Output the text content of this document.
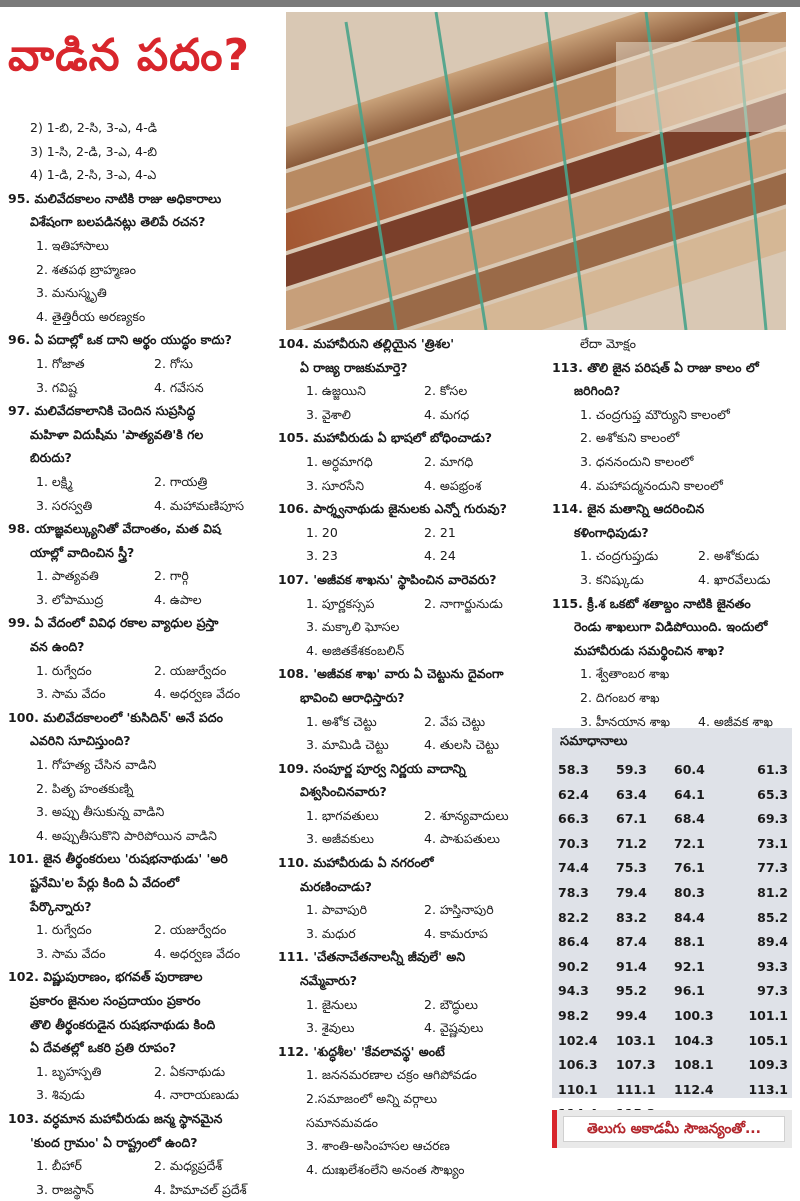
వాడిన పదం?
2) 1-బి, 2-సి, 3-ఎ, 4-డి
3) 1-సి, 2-డి, 3-ఎ, 4-బి
4) 1-డి, 2-సి, 3-ఎ, 4-ఎ
95. మలివేదకాలం నాటికి రాజు అధికారాలు
విశేషంగా బలపడినట్లు తెలిపే రచన?
1. ఇతిహాసాలు
2. శతపథ బ్రాహ్మణం
3. మనుస్మృతి
4. తైత్తిరీయ అరణ్యకం
96. ఏ పదాల్లో ఒక దాని అర్థం యుద్ధం కాదు?
1. గోజాత	2. గోసు
3. గవిష్ట	4. గవేసన
97. మలివేదకాలానికి చెందిన సుప్రసిద్ధ
మహిళా విదుషీమ 'పాత్యవతి'కి గల
బిరుదు?
1. లక్ష్మి	2. గాయత్రి
3. సరస్వతి	4. మహామణిపూస
98. యాజ్ఞవల్క్యునితో వేదాంతం, మత విష
యాల్లో వాదించిన స్త్రీ?
1. పాత్యవతి	2. గార్గి
3. లోపాముద్ర	4. ఉపాల
99. ఏ వేదంలో వివిధ రకాల వ్యాధుల ప్రస్తా
వన ఉంది?
1. రుగ్వేదం	2. యజుర్వేదం
3. సామ వేదం	4. అధర్వణ వేదం
100. మలివేదకాలంలో 'కుసిదిన్' అనే పదం
ఎవరిని సూచిస్తుంది?
1. గోహత్య చేసిన వాడిని
2. పితృ హంతకుణ్ని
3. అప్పు తీసుకున్న వాడిని
4. అప్పుతీసుకొని పారిపోయిన వాడిని
101. జైన తీర్థంకరులు 'రుషభనాథుడు' 'అరి
ష్టనేమి'ల పేర్లు కింది ఏ వేదంలో
పేర్కొన్నారు?
1. రుగ్వేదం	2. యజుర్వేదం
3. సామ వేదం	4. అధర్వణ వేదం
102. విష్ణుపురాణం, భగవత్ పురాణాల
ప్రకారం జైనుల సంప్రదాయం ప్రకారం
తొలి తీర్థంకరుడైన రుషభనాథుడు కింది
ఏ దేవతల్లో ఒకరి ప్రతి రూపం?
1. బృహస్పతి	2. ఏకనాథుడు
3. శివుడు	4. నారాయణుడు
103. వర్ధమాన మహావీరుడు జన్మ స్థానమైన
'కుంద గ్రామం' ఏ రాష్ట్రంలో ఉంది?
1. బీహార్	2. మధ్యప్రదేశ్
3. రాజస్థాన్	4. హిమాచల్ ప్రదేశ్
104. మహావీరుని తల్లియైన 'త్రిశల'
ఏ రాజ్య రాజకుమార్తె?
1. ఉజ్జయిని	2. కోసల
3. వైశాలి	4. మగధ
105. మహావీరుడు ఏ భాషలో బోధించాడు?
1. అర్ధమాగధి	2. మాగధి
3. సూరసేని	4. అపభ్రంశ
106. పార్శ్వనాథుడు జైనులకు ఎన్నో గురువు?
1. 20	2. 21
3. 23	4. 24
107. 'అజీవక శాఖను' స్థాపించిన వారెవరు?
1. పూర్ణకస్సప	2. నాగార్జునుడు
3. మక్కాలి ఘోసల
4. అజితకేశకంబలిన్
108. 'అజీవక శాఖ' వారు ఏ చెట్టును దైవంగా
భావించి ఆరాధిస్తారు?
1. అశోక చెట్టు	2. వేప చెట్టు
3. మామిడి చెట్టు	4. తులసి చెట్టు
109. సంపూర్ణ పూర్వ నిర్ణయ వాదాన్ని
విశ్వసించినవారు?
1. భాగవతులు	2. శూన్యవాదులు
3. అజీవకులు	4. పాశుపతులు
110. మహావీరుడు ఏ నగరంలో
మరణించాడు?
1. పావాపురి	2. హస్తినాపురి
3. మధుర	4. కామరూప
111. 'చేతనాచేతనాలన్నీ జీవులే' అని
నమ్మేవారు?
1. జైనులు	2. బౌద్ధులు
3. శైవులు	4. వైష్ణవులు
112. 'శుద్ధశీల' 'కేవలావస్థ' అంటే
1. జననమరణాల చక్రం ఆగిపోవడం
2.సమాజంలో అన్ని వర్గాలు
సమానమవడం
3. శాంతి-అసింహసల ఆచరణ
4. దుఃఖలేశంలేని అనంత సౌఖ్యం
లేదా మోక్షం
113. తొలి జైన పరిషత్ ఏ రాజు కాలం లో
జరిగింది?
1. చంద్రగుప్త మౌర్యుని కాలంలో
2. అశోకుని కాలంలో
3. ధననందుని కాలంలో
4. మహాపద్మనందుని కాలంలో
114. జైన మతాన్ని ఆదరించిన
కళింగాధిపుడు?
1. చంద్రగుప్తుడు	2. అశోకుడు
3. కనిష్కుడు	4. ఖారవేలుడు
115. క్రీ.శ ఒకటో శతాబ్దం నాటికి జైనతం
రెండు శాఖలుగా విడిపోయింది. ఇందులో
మహావీరుడు సమర్థించిన శాఖ?
1. శ్వేతాంబర శాఖ
2. దిగంబర శాఖ
3. హీనయాన శాఖ	4. అజీవక శాఖ
సమాధానాలు
58.3	59.3	60.4	61.3
62.4	63.4	64.1	65.3
66.3	67.1	68.4	69.3
70.3	71.2	72.1	73.1
74.4	75.3	76.1	77.3
78.3	79.4	80.3	81.2
82.2	83.2	84.4	85.2
86.4	87.4	88.1	89.4
90.2	91.4	92.1	93.3
94.3	95.2	96.1	97.3
98.2	99.4	100.3	101.1
102.4	103.1	104.3	105.1
106.3	107.3	108.1	109.3
110.1	111.1	112.4	113.1
తెలుగు అకాడమీ సౌజన్యంతో...
